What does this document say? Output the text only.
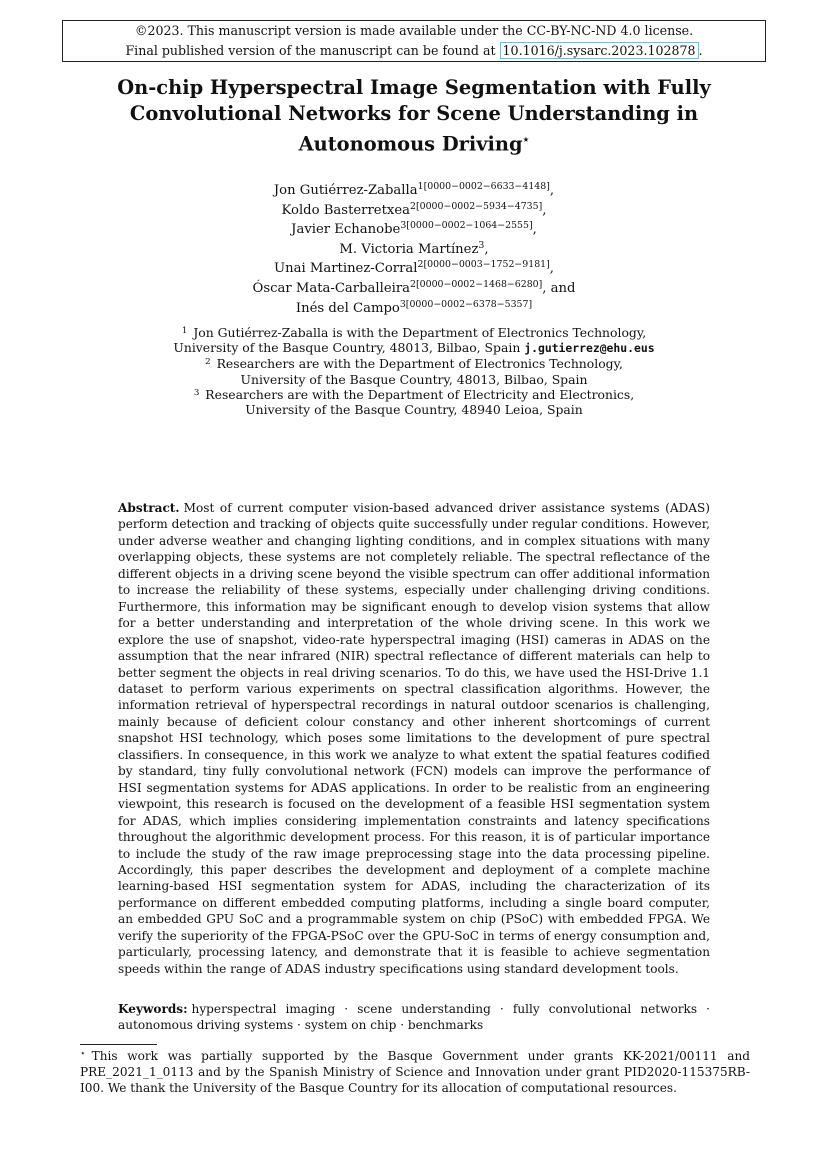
©2023. This manuscript version is made available under the CC-BY-NC-ND 4.0 license.
Final published version of the manuscript can be found at 10.1016/j.sysarc.2023.102878 .
On-chip Hyperspectral Image Segmentation with Fully Convolutional Networks for Scene Understanding in Autonomous Driving⋆
Jon Gutiérrez-Zaballa$^{1[0000-0002-6633-4148]}$,
Koldo Basterretxea$^{2[0000-0002-5934-4735]}$,
Javier Echanobe$^{3[0000-0002-1064-2555]}$,
M. Victoria Martínez$^3$,
Unai Martinez-Corral$^{2[0000-0003-1752-9181]}$,
Óscar Mata-Carballeira$^{2[0000-0002-1468-6280]}$, and
Inés del Campo$^{3[0000-0002-6378-5357]}$
$^1$ Jon Gutiérrez-Zaballa is with the Department of Electronics Technology,
University of the Basque Country, 48013, Bilbao, Spain j.gutierrez@ehu.eus
$^2$ Researchers are with the Department of Electronics Technology,
University of the Basque Country, 48013, Bilbao, Spain
$^3$ Researchers are with the Department of Electricity and Electronics,
University of the Basque Country, 48940 Leioa, Spain

Abstract. Most of current computer vision-based advanced driver assistance systems (ADAS) perform detection and tracking of objects quite successfully under regular conditions. However, under adverse weather and changing lighting conditions, and in complex situations with many overlapping objects, these systems are not completely reliable. The spectral reflectance of the different objects in a driving scene beyond the visible spectrum can offer additional information to increase the reliability of these systems, especially under challenging driving conditions. Furthermore, this information may be significant enough to develop vision systems that allow for a better understanding and interpretation of the whole driving scene. In this work we explore the use of snapshot, video-rate hyperspectral imaging (HSI) cameras in ADAS on the assumption that the near infrared (NIR) spectral reflectance of different materials can help to better segment the objects in real driving scenarios. To do this, we have used the HSI-Drive 1.1 dataset to perform various experiments on spectral classification algorithms. However, the information retrieval of hyperspectral recordings in natural outdoor scenarios is challenging, mainly because of deficient colour constancy and other inherent shortcomings of current snapshot HSI technology, which poses some limitations to the development of pure spectral classifiers. In consequence, in this work we analyze to what extent the spatial features codified by standard, tiny fully convolutional network (FCN) models can improve the performance of HSI segmentation systems for ADAS applications. In order to be realistic from an engineering viewpoint, this research is focused on the development of a feasible HSI segmentation system for ADAS, which implies considering implementation constraints and latency specifications throughout the algorithmic development process. For this reason, it is of particular importance to include the study of the raw image preprocessing stage into the data processing pipeline. Accordingly, this paper describes the development and deployment of a complete machine learning-based HSI segmentation system for ADAS, including the characterization of its performance on different embedded computing platforms, including a single board computer, an embedded GPU SoC and a programmable system on chip (PSoC) with embedded FPGA. We verify the superiority of the FPGA-PSoC over the GPU-SoC in terms of energy consumption and, particularly, processing latency, and demonstrate that it is feasible to achieve segmentation speeds within the range of ADAS industry specifications using standard development tools.

Keywords: hyperspectral imaging · scene understanding · fully convolutional networks · autonomous driving systems · system on chip · benchmarks

⋆ This work was partially supported by the Basque Government under grants KK-2021/00111 and PRE_2021_1_0113 and by the Spanish Ministry of Science and Innovation under grant PID2020-115375RB-I00. We thank the University of the Basque Country for its allocation of computational resources.
